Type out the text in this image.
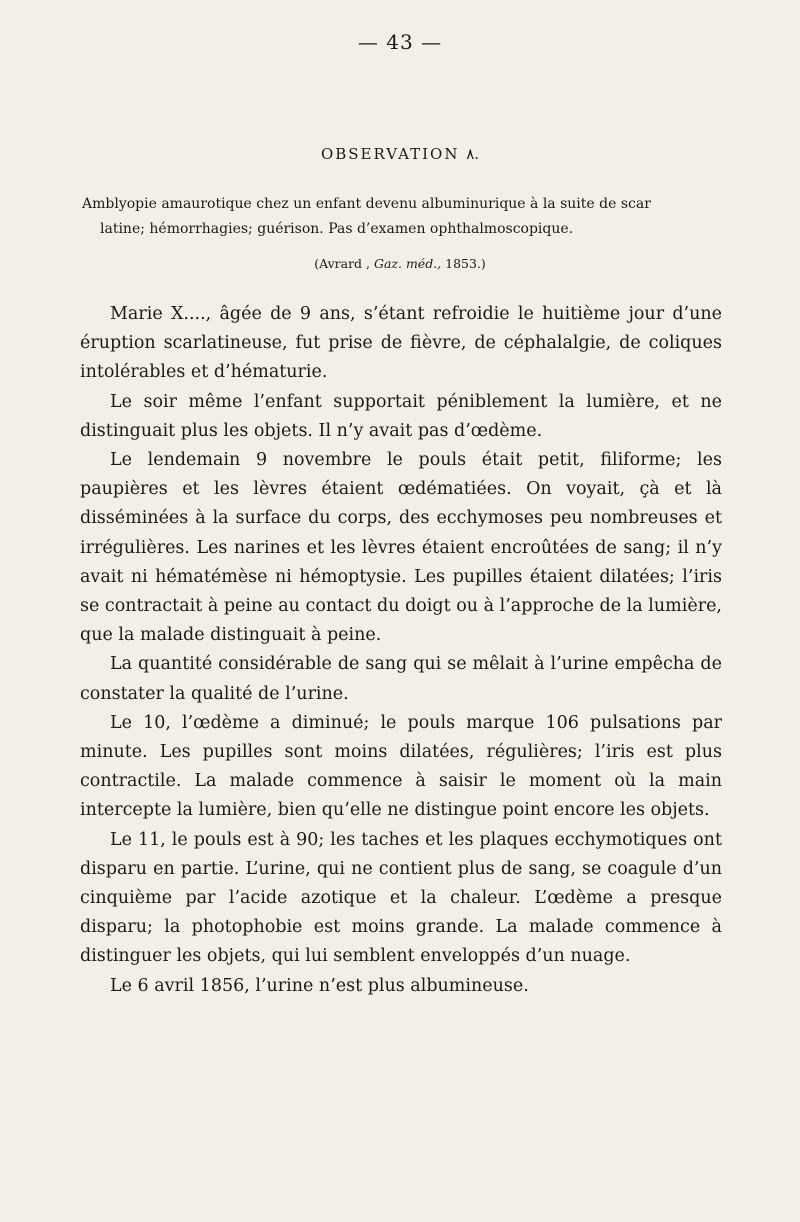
— 43 —
OBSERVATION ۸.
Amblyopie amaurotique chez un enfant devenu albuminurique à la suite de scar
latine; hémorrhagies; guérison. Pas d’examen ophthalmoscopique.
(Avrard , Gaz. méd., 1853.)

Marie X...., âgée de 9 ans, s’étant refroidie le huitième jour d’une éruption scarlatineuse, fut prise de fièvre, de céphalalgie, de coliques intolérables et d’hématurie.

Le soir même l’enfant supportait péniblement la lumière, et ne distinguait plus les objets. Il n’y avait pas d’œdème.

Le lendemain 9 novembre le pouls était petit, filiforme; les paupières et les lèvres étaient œdématiées. On voyait, çà et là disséminées à la surface du corps, des ecchymoses peu nombreuses et irrégulières. Les narines et les lèvres étaient encroûtées de sang; il n’y avait ni hématémèse ni hémoptysie. Les pupilles étaient dilatées; l’iris se contractait à peine au contact du doigt ou à l’approche de la lumière, que la malade distinguait à peine.

La quantité considérable de sang qui se mêlait à l’urine empêcha de constater la qualité de l’urine.

Le 10, l’œdème a diminué; le pouls marque 106 pulsations par minute. Les pupilles sont moins dilatées, régulières; l’iris est plus contractile. La malade commence à saisir le moment où la main intercepte la lumière, bien qu’elle ne distingue point encore les objets.

Le 11, le pouls est à 90; les taches et les plaques ecchymotiques ont disparu en partie. L’urine, qui ne contient plus de sang, se coagule d’un cinquième par l’acide azotique et la chaleur. L’œdème a presque disparu; la photophobie est moins grande. La malade commence à distinguer les objets, qui lui semblent enveloppés d’un nuage.

Le 6 avril 1856, l’urine n’est plus albumineuse.
